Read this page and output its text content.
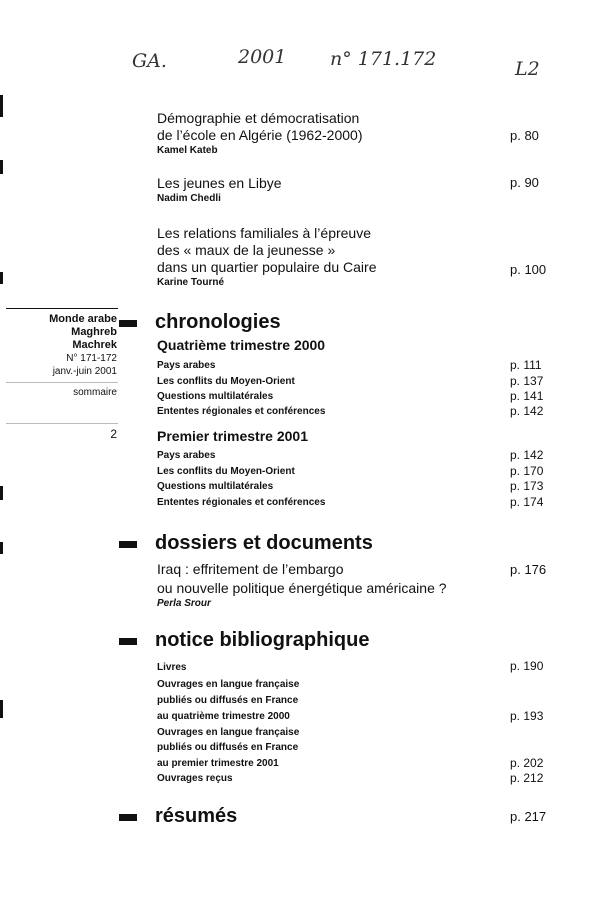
GA.	2001 n° 171.172	L2
Monde arabe
Maghreb
Machrek
N° 171-172
janv.-juin 2001
sommaire
2
Démographie et démocratisation
de l’école en Algérie (1962-2000)
Kamel Kateb
p. 80
Les jeunes en Libye
Nadim Chedli
p. 90
Les relations familiales à l’épreuve
des « maux de la jeunesse »
dans un quartier populaire du Caire
Karine Tourné
p. 100
chronologies
Quatrième trimestre 2000
Pays arabes	p. 111
Les conflits du Moyen-Orient	p. 137
Questions multilatérales	p. 141
Ententes régionales et conférences	p. 142
Premier trimestre 2001
Pays arabes	p. 142
Les conflits du Moyen-Orient	p. 170
Questions multilatérales	p. 173
Ententes régionales et conférences	p. 174
dossiers et documents
Iraq : effritement de l’embargo
ou nouvelle politique énergétique américaine ?
Perla Srour
p. 176
notice bibliographique
Livres	p. 190
Ouvrages en langue française
publiés ou diffusés en France
au quatrième trimestre 2000	p. 193
Ouvrages en langue française
publiés ou diffusés en France
au premier trimestre 2001	p. 202
Ouvrages reçus	p. 212
résumés	p. 217
